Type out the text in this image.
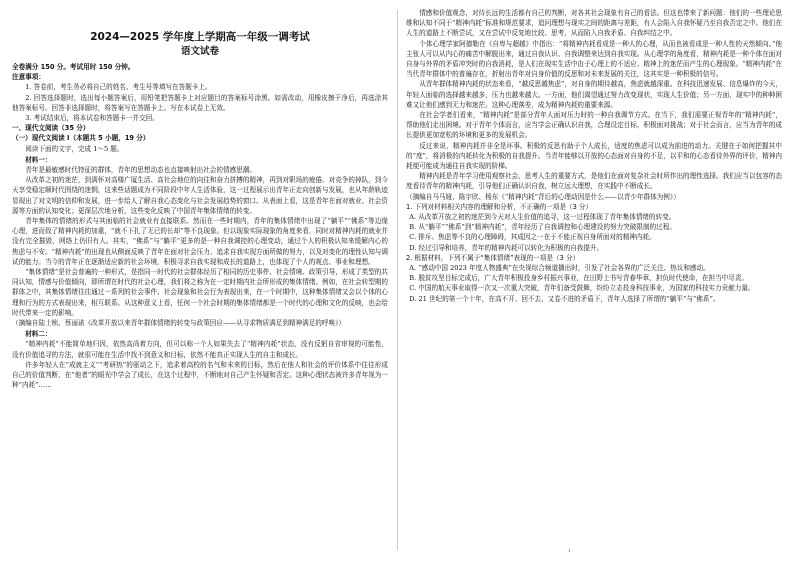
2024—2025 学年度上学期高一年级一调考试
语文试卷

全卷满分 150 分。考试用时 150 分钟。

注意事项：

1. 答卷前，考生务必将自己的姓名、考生号等填写在答题卡上。

2. 回答选择题时，选出每小题答案后，用铅笔把答题卡上对应题目的答案标号涂黑。如需改动，用橡皮擦干净后，再选涂其他答案标号。回答非选择题时，将答案写在答题卡上。写在本试卷上无效。

3. 考试结束后，将本试卷和答题卡一并交回。

一、现代文阅读（35 分）

（一）现代文阅读 I（本题共 5 小题，19 分）

阅读下面的文字，完成 1～5 题。

材料一：

青年是最敏感时代特征的群体，青年的思想动态也直接映射出社会的情感思潮。

从改革之初的迷茫，到满怀对高楼广厦生活、高社会地位的向往和奋力拼搏的精神，再到对职场的疲倦、对竞争的掉队，到今天享受稳定顺时代围绕的迷惘，这来些话题成为不同阶段中年人生活体验，这一过程展示出青年正走向创新与发展，也从年龄轨迹显现出了对文明的信仰和发展，进一步给人了解自我心态变化与社会发展趋势的窗口。从表面上看，这是青年在面对就业、社会资源等方面的认知变化；更深层次地分析，这些变化反映了中国青年集体情绪的转变。

青年集体的情绪的形式与其面临的社会就业有直接联系。然而在一些时期内，青年的集体情绪中出现了“躺平”“佛系”等边缘心理，进而致了精神内耗的加重，“就不下扎了无已的长却”等不良现象。但以现象实际现象的角度来看，同时对精神内耗的就业并没有完全摧毁，网络上仍旧有人。其实，“佛系”与“躺平”更多的是一种自我调控的心理变动，通过个人的积极认知来缓解内心的焦虑与不安。“精神内耗”的出现也从侧面反映了青年在面对社会压力、追求自我实现方面所做的努力，以及对变化的理性认知与调试的能力。当今的青年正在逐渐适应新的社会环境，积极寻求自我实现和成长的道路上，也体现了个人的观点、事业和理想。

“集体情绪”是社会普遍的一种形式，是指同一时代的社会群体经历了相同的历史事件、社会情境、政策引导，形成了类型的共同认知，情感与价值倾向，即所谓在时代的社会心理，我们将之称为在一定时期内社会所形成的集体情绪。例如，在社会转型期的群体之中，其集体情绪往往通过一系列的社会事件、社会现象和社会行为表现出来，在一个时期中，这种集体情绪又会以个体的心理和行为的方式表现出来，相互联系。从这种意义上看，任何一个社会时期的集体情绪都是一个时代的心理和文化的反映，也会给时代带来一定的影响。

（摘编自陆士桢、蔡丽诺《改革开放以来青年群体情绪的转变与政策回应——从寻求物质满足到精神满足的呼唤》）

材料二：

“精神内耗”不能简单地归因，依然高尚着方向，但可以称一个人如果失去了“精神内耗”状态，没有反躬自省审视的可能性，没有价值追寻的方法，就很可能在生活中找不到意义和目标，依然不能真正实现人生的自主和成长。

许多年轻人在“成就主义”“考研热”的驱动之下，追求着高校的名气和未来的目标，然后在他人和社会的评价体系中往往形成自己的价值判断，在“他者”的眼光中学会了成长，在这个过程中，不断地对自己产生怀疑和否定。这种心理状态被许多青年视为一种“内耗”……

情感和价值观念，对待长远的生活都有自己的判断，对各其社会现象有自己的看法。但这也带来了新问题：他们的一些理论思维和认知不同于“精神内耗”标准和规范要求，追问理想与现实之间的距离与差距，有人会陷入自我怀疑乃至自我否定之中。他们在人生的道路上不断尝试，又在尝试中反复地比较、思考，从而陷入自我矛盾、自我纠结之中。

个体心理学家阿德勒在《自卑与超越》中指出：“将精神内耗看成是一种人的心理，从而也被看成是一种人性的天然倾向。”他主张人可以从内心的痛苦中解脱出来，通过自我认识、自我调整来达到自我实现。从心理学的角度看，精神内耗是一种个体在面对自身与外界的矛盾冲突时的自我消耗，是人们在现实生活中由于心理上的不适应、精神上的迷茫而产生的心理现象。“精神内耗”在当代青年群体中的普遍存在，折射出青年对自身价值的反思和对未来发展的关注，这其实是一种积极的信号。

从青年群体精神内耗的状态来看，“越反思越焦虑”，对自身的期待越高，焦虑就越深重。在科技迅速发展、信息爆炸的今天，年轻人面临的选择越来越多，压力也越来越大。一方面，他们渴望通过努力改变现状，实现人生价值；另一方面，现实中的种种困难又让他们感到无力和迷茫。这种心理落差，成为精神内耗的重要来源。

在社会学者们看来，“精神内耗”是部分青年人面对压力时的一种自我调节方式。在当下，我们需要正视青年的“精神内耗”，帮助他们走出困境。对于青年个体而言，应当学会正确认识自我，合理设定目标，积极面对挑战；对于社会而言，应当为青年的成长提供更加宽松的环境和更多的发展机会。

反过来说，精神内耗并非全是坏事。积极的反思有助于个人成长，适度的焦虑可以成为前进的动力。关键在于如何把握其中的“度”，将消极的内耗转化为积极的自我提升。当青年能够以开放的心态面对自身的不足，以平和的心态看待外界的评价，精神内耗便可能成为通往自我实现的阶梯。

精神内耗是青年学习使用观察社会、思考人生的重要方式，是他们在面对复杂社会时所作出的理性选择。我们应当以包容的态度看待青年的精神内耗，引导他们正确认识自我，树立远大理想，在实践中不断成长。

（摘编自马马娅、陈宇欣、杨东《“精神内耗”背后的心理动因是什么——以青少年群体为例》）

1. 下列对材料相关内容的理解和分析，不正确的一项是（3 分）

A. 从改革开放之初的迷茫到今天对人生价值的追寻，这一过程体现了青年集体情绪的转变。

B. 从“躺平”“佛系”到“精神内耗”，青年经历了自我调控和心理建设的努力突破限制的过程。

C. 排斥、焦虑等不良的心理障碍，其成因之一在于不能正视自身所面对的精神内耗。

D. 经过引导和培养，青年的精神内耗可以转化为积极的自我提升。

2. 根据材料，下列不属于“集体情绪”表现的一项是（3 分）

A. “感动中国 2023 年度人物盛典”在央视综合频道播出时，引发了社会各界的广泛关注、热议和感动。

B. 脱贫攻坚目标完成后，广大青年积极投身乡村振兴事业，在田野上书写青春华章，担负时代使命，在担当中尽责。

C. 中国的航天事业取得一次又一次重大突破，青年们备受鼓舞，纷纷立志投身科技事业，为国家的科技实力贡献力量。

D. 21 世纪的第一个十年，在高不开、回不去，又卷不进的矛盾下，青年人选择了所谓的“躺平”与“佛系”。

1
